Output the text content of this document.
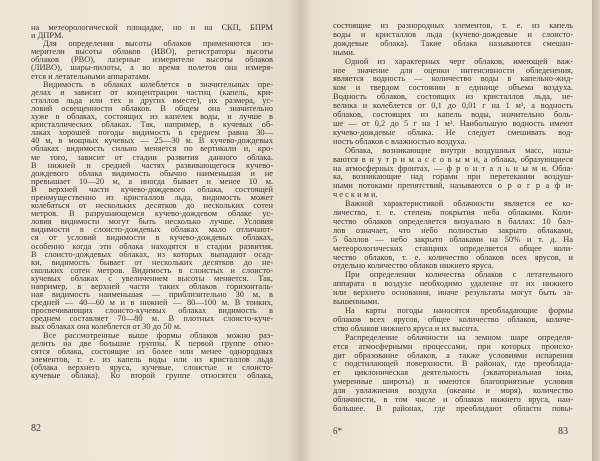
на метеорологической площадке, но и на СКП, БПРМ
и ДПРМ.
Для определения высоты облаков применяются из-
мерители высоты облаков (ИВО), регистраторы высоты
облаков (РВО), лазерные измерители высоты облаков
(ЛИВО), шары-пилоты, а во время полетов она измеря-
ется и летательными аппаратами.
Видимость в облаках колеблется в значительных пре-
делах и зависит от концентрации частиц (капель, кри-
сталлов льда или тех и других вместе), их размера, ус-
ловий освещенности облаков. В общем она значительно
хуже в облаках, состоящих из капелек воды, и лучше в
кристаллических облаках. Так, например, в кучевых об-
лаках хорошей погоды видимость в среднем равна 30—
40 м, в мощных кучевых — 25—30 м. В кучево-дождевых
облаках видимость сильно меняется по вертикали и, кро-
ме того, зависит от стадии развития данного облака.
В нижней и средней частях развивающегося кучево-
дождевого облака видимость обычно наименьшая и не
превышает 10—20 м, а иногда бывает и менее 10 м.
В верхней части кучево-дождевого облака, состоящей
преимущественно из кристаллов льда, видимость может
колебаться от нескольких десятков до нескольких сотен
метров. В разрушающемся кучево-дождевом облаке ус-
ловия видимости могут быть несколько лучше. Условия
видимости в слоисто-дождевых облаках мало отличают-
ся от условий видимости в кучево-дождевых облаках,
особенно когда эти облака находятся в стадии развития.
В слоисто-дождевых облаках, из которых выпадают осад-
ки, видимость бывает от нескольких десятков до не-
скольких сотен метров. Видимость в слоистых и слоисто-
кучевых облаках с увеличением высоты меняется. Так,
например, в верхней части таких облаков горизонталь-
ная видимость наименьшая — приблизительно 30 м, в
средней — 40—60 м и в нижней — 80—100 м. В тонких,
просвечивающих слоисто-кучевых облаках видимость в
среднем составляет 70—80 м. В плотных слоисто-куче-
вых облаках она колеблется от 30 до 50 м.
Все рассмотренные выше формы облаков можно раз-
делить на две большие группы. К первой группе отно-
сятся облака, состоящие из более или менее однородных
элементов, т. е. из капель воды или из кристаллов льда
(облака верхнего яруса, кучевые, слоистые и слоисто-
кучевые облака). Ко второй группе относятся облака,
82
состоящие из разнородных элементов, т. е. из капель
воды и кристаллов льда (кучево-дождевые и слоисто-
дождевые облака). Такие облака называются смешан-
ными.
Одной из характерных черт облаков, имеющей важ-
ное значение для оценки интенсивности обледенения,
является водность — количество воды в капельно-жид-
ком и твердом состоянии в единице объема воздуха.
Водность облаков, состоящих из кристаллов льда, не-
велика и колеблется от 0,1 до 0,01 г на 1 м³, а водность
облаков, состоящих из капель воды, значительно боль-
ше — от 0,2 до 5 г на 1 м³. Наибольшую водность имеют
кучево-дождевые облака. Не следует смешивать вод-
ность облаков с влажностью воздуха.
Облака, возникающие внутри воздушных масс, назы-
ваются в н у т р и м а с с о в ы м и, а облака, образующиеся
на атмосферных фронтах, — ф р о н т а л ь н ы м и. Обла-
ка, возникающие над горами при перетекании воздуш-
ными потоками препятствий, называются о р о г р а ф и-
ч е с к и м и.
Важной характеристикой облачности является ее ко-
личество, т. е. степень покрытия неба облаками. Коли-
чество облаков определяется визуально в баллах: 10 бал-
лов означает, что небо полностью закрыто облаками,
5 баллов — небо закрыто облаками на 50% и т. д. На
метеорологических станциях определяется общее коли-
чество облаков, т. е. количество облаков всех ярусов, и
отдельно количество облаков нижнего яруса.
При определении количества облаков с летательного
аппарата в воздухе необходимо удаление от их нижнего
или верхнего основания, иначе результаты могут быть за-
вышенными.
На карты погоды наносятся преобладающие формы
облаков всех ярусов, общее количество облаков, количе-
ство облаков нижнего яруса и их высота.
Распределение облачности на земном шаре определя-
ется атмосферными процессами, при которых происхо-
дит образование облаков, а также условиями испарения
с подстилающей поверхности. В районах, где преоблада-
ет циклоническая деятельность (экваториальная зона,
умеренные широты) и имеются благоприятные условия
для увлажнения воздуха (океаны и моря), количество
облачности, в том числе и облаков нижнего яруса, наи-
большее. В районах, где преобладают области повы-
6*	83
